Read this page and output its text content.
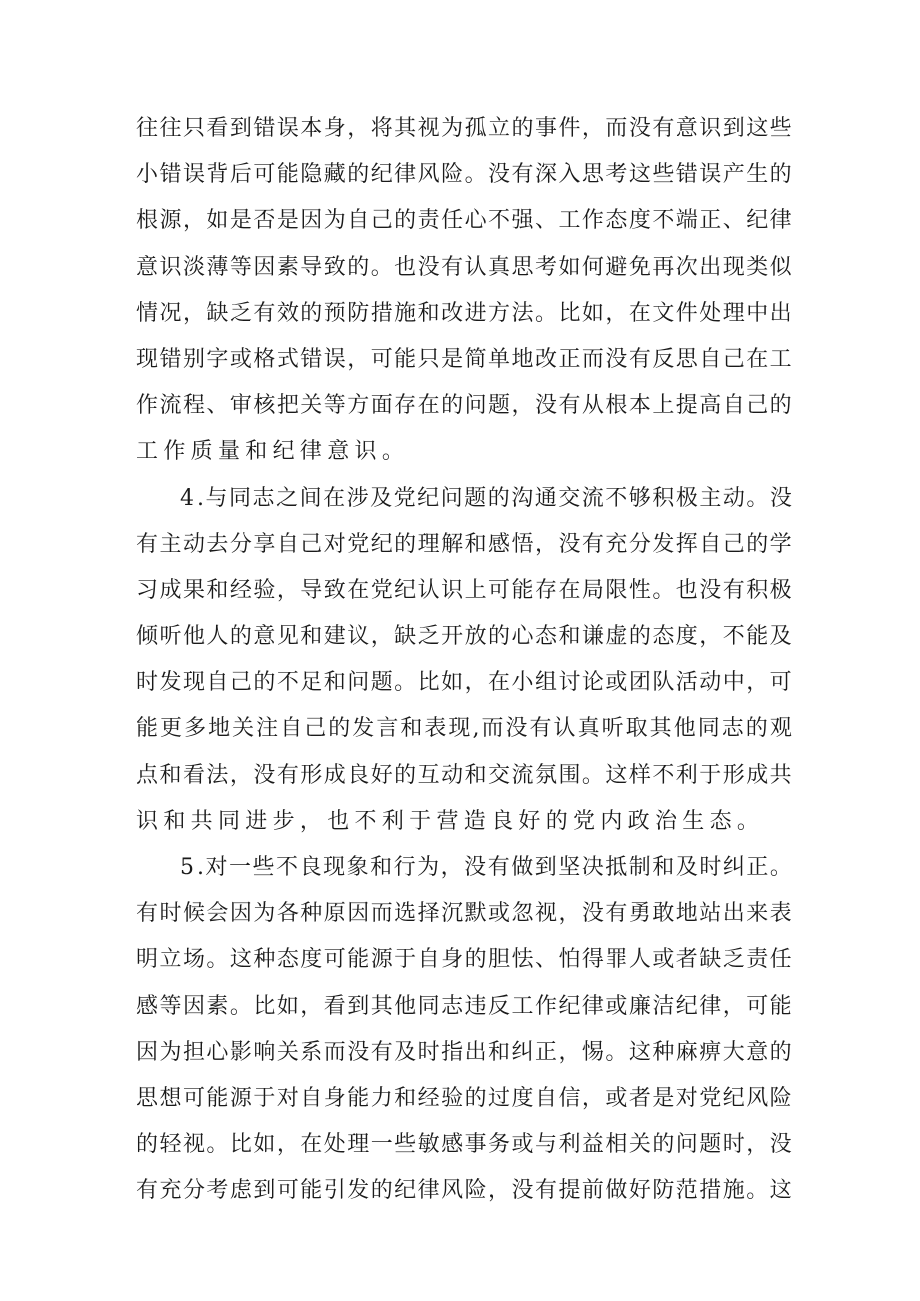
往 往 只 看 到 错 误 本 身 ， 将 其 视 为 孤 立 的 事 件 ， 而 没 有 意 识 到 这 些
小 错 误 背 后 可 能 隐 藏 的 纪 律 风 险 。 没 有 深 入 思 考 这 些 错 误 产 生 的
根 源 ， 如 是 否 是 因 为 自 己 的 责 任 心 不 强 、 工 作 态 度 不 端 正 、 纪 律
意 识 淡 薄 等 因 素 导 致 的 。 也 没 有 认 真 思 考 如 何 避 免 再 次 出 现 类 似
情 况 ， 缺 乏 有 效 的 预 防 措 施 和 改 进 方 法 。 比 如 ， 在 文 件 处 理 中 出
现 错 别 字 或 格 式 错 误 ， 可 能 只 是 简 单 地 改 正 而 没 有 反 思 自 己 在 工
作 流 程 、 审 核 把 关 等 方 面 存 在 的 问 题 ， 没 有 从 根 本 上 提 高 自 己 的
工 作 质 量 和 纪 律 意 识 。
4 . 与 同 志 之 间 在 涉 及 党 纪 问 题 的 沟 通 交 流 不 够 积 极 主 动 。 没
有 主 动 去 分 享 自 己 对 党 纪 的 理 解 和 感 悟 ， 没 有 充 分 发 挥 自 己 的 学
习 成 果 和 经 验 ， 导 致 在 党 纪 认 识 上 可 能 存 在 局 限 性 。 也 没 有 积 极
倾 听 他 人 的 意 见 和 建 议 ， 缺 乏 开 放 的 心 态 和 谦 虚 的 态 度 ， 不 能 及
时 发 现 自 己 的 不 足 和 问 题 。 比 如 ， 在 小 组 讨 论 或 团 队 活 动 中 ， 可
能 更 多 地 关 注 自 己 的 发 言 和 表 现 , 而 没 有 认 真 听 取 其 他 同 志 的 观
点 和 看 法 ， 没 有 形 成 良 好 的 互 动 和 交 流 氛 围 。 这 样 不 利 于 形 成 共
识 和 共 同 进 步 ， 也 不 利 于 营 造 良 好 的 党 内 政 治 生 态 。
5 . 对 一 些 不 良 现 象 和 行 为 ， 没 有 做 到 坚 决 抵 制 和 及 时 纠 正 。
有 时 候 会 因 为 各 种 原 因 而 选 择 沉 默 或 忽 视 ， 没 有 勇 敢 地 站 出 来 表
明 立 场 。 这 种 态 度 可 能 源 于 自 身 的 胆 怯 、 怕 得 罪 人 或 者 缺 乏 责 任
感 等 因 素 。 比 如 ， 看 到 其 他 同 志 违 反 工 作 纪 律 或 廉 洁 纪 律 ， 可 能
因 为 担 心 影 响 关 系 而 没 有 及 时 指 出 和 纠 正 ， 惕 。 这 种 麻 痹 大 意 的
思 想 可 能 源 于 对 自 身 能 力 和 经 验 的 过 度 自 信 ， 或 者 是 对 党 纪 风 险
的 轻 视 。 比 如 ， 在 处 理 一 些 敏 感 事 务 或 与 利 益 相 关 的 问 题 时 ， 没
有 充 分 考 虑 到 可 能 引 发 的 纪 律 风 险 ， 没 有 提 前 做 好 防 范 措 施 。 这
